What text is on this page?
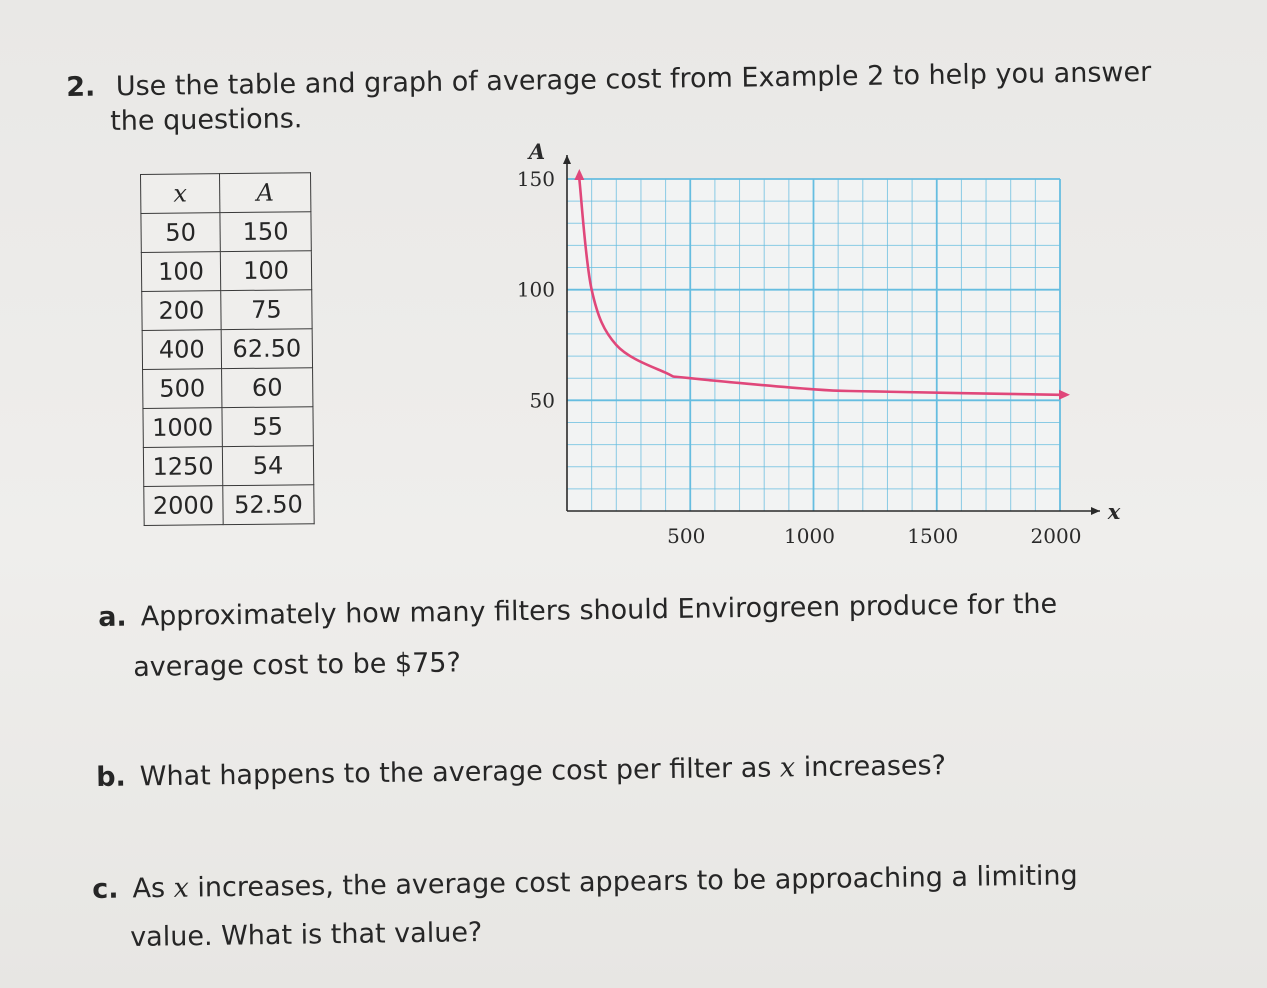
2. Use the table and graph of average cost from Example 2 to help you answer
the questions.
x	A
50	150
100	100
200	75
400	62.50
500	60
1000	55
1250	54
2000	52.50
150
100
50
500	1000	1500	2000
x
A
a. Approximately how many filters should Envirogreen produce for the
average cost to be $75?
b. What happens to the average cost per filter as x increases?
c. As x increases, the average cost appears to be approaching a limiting
value. What is that value?
